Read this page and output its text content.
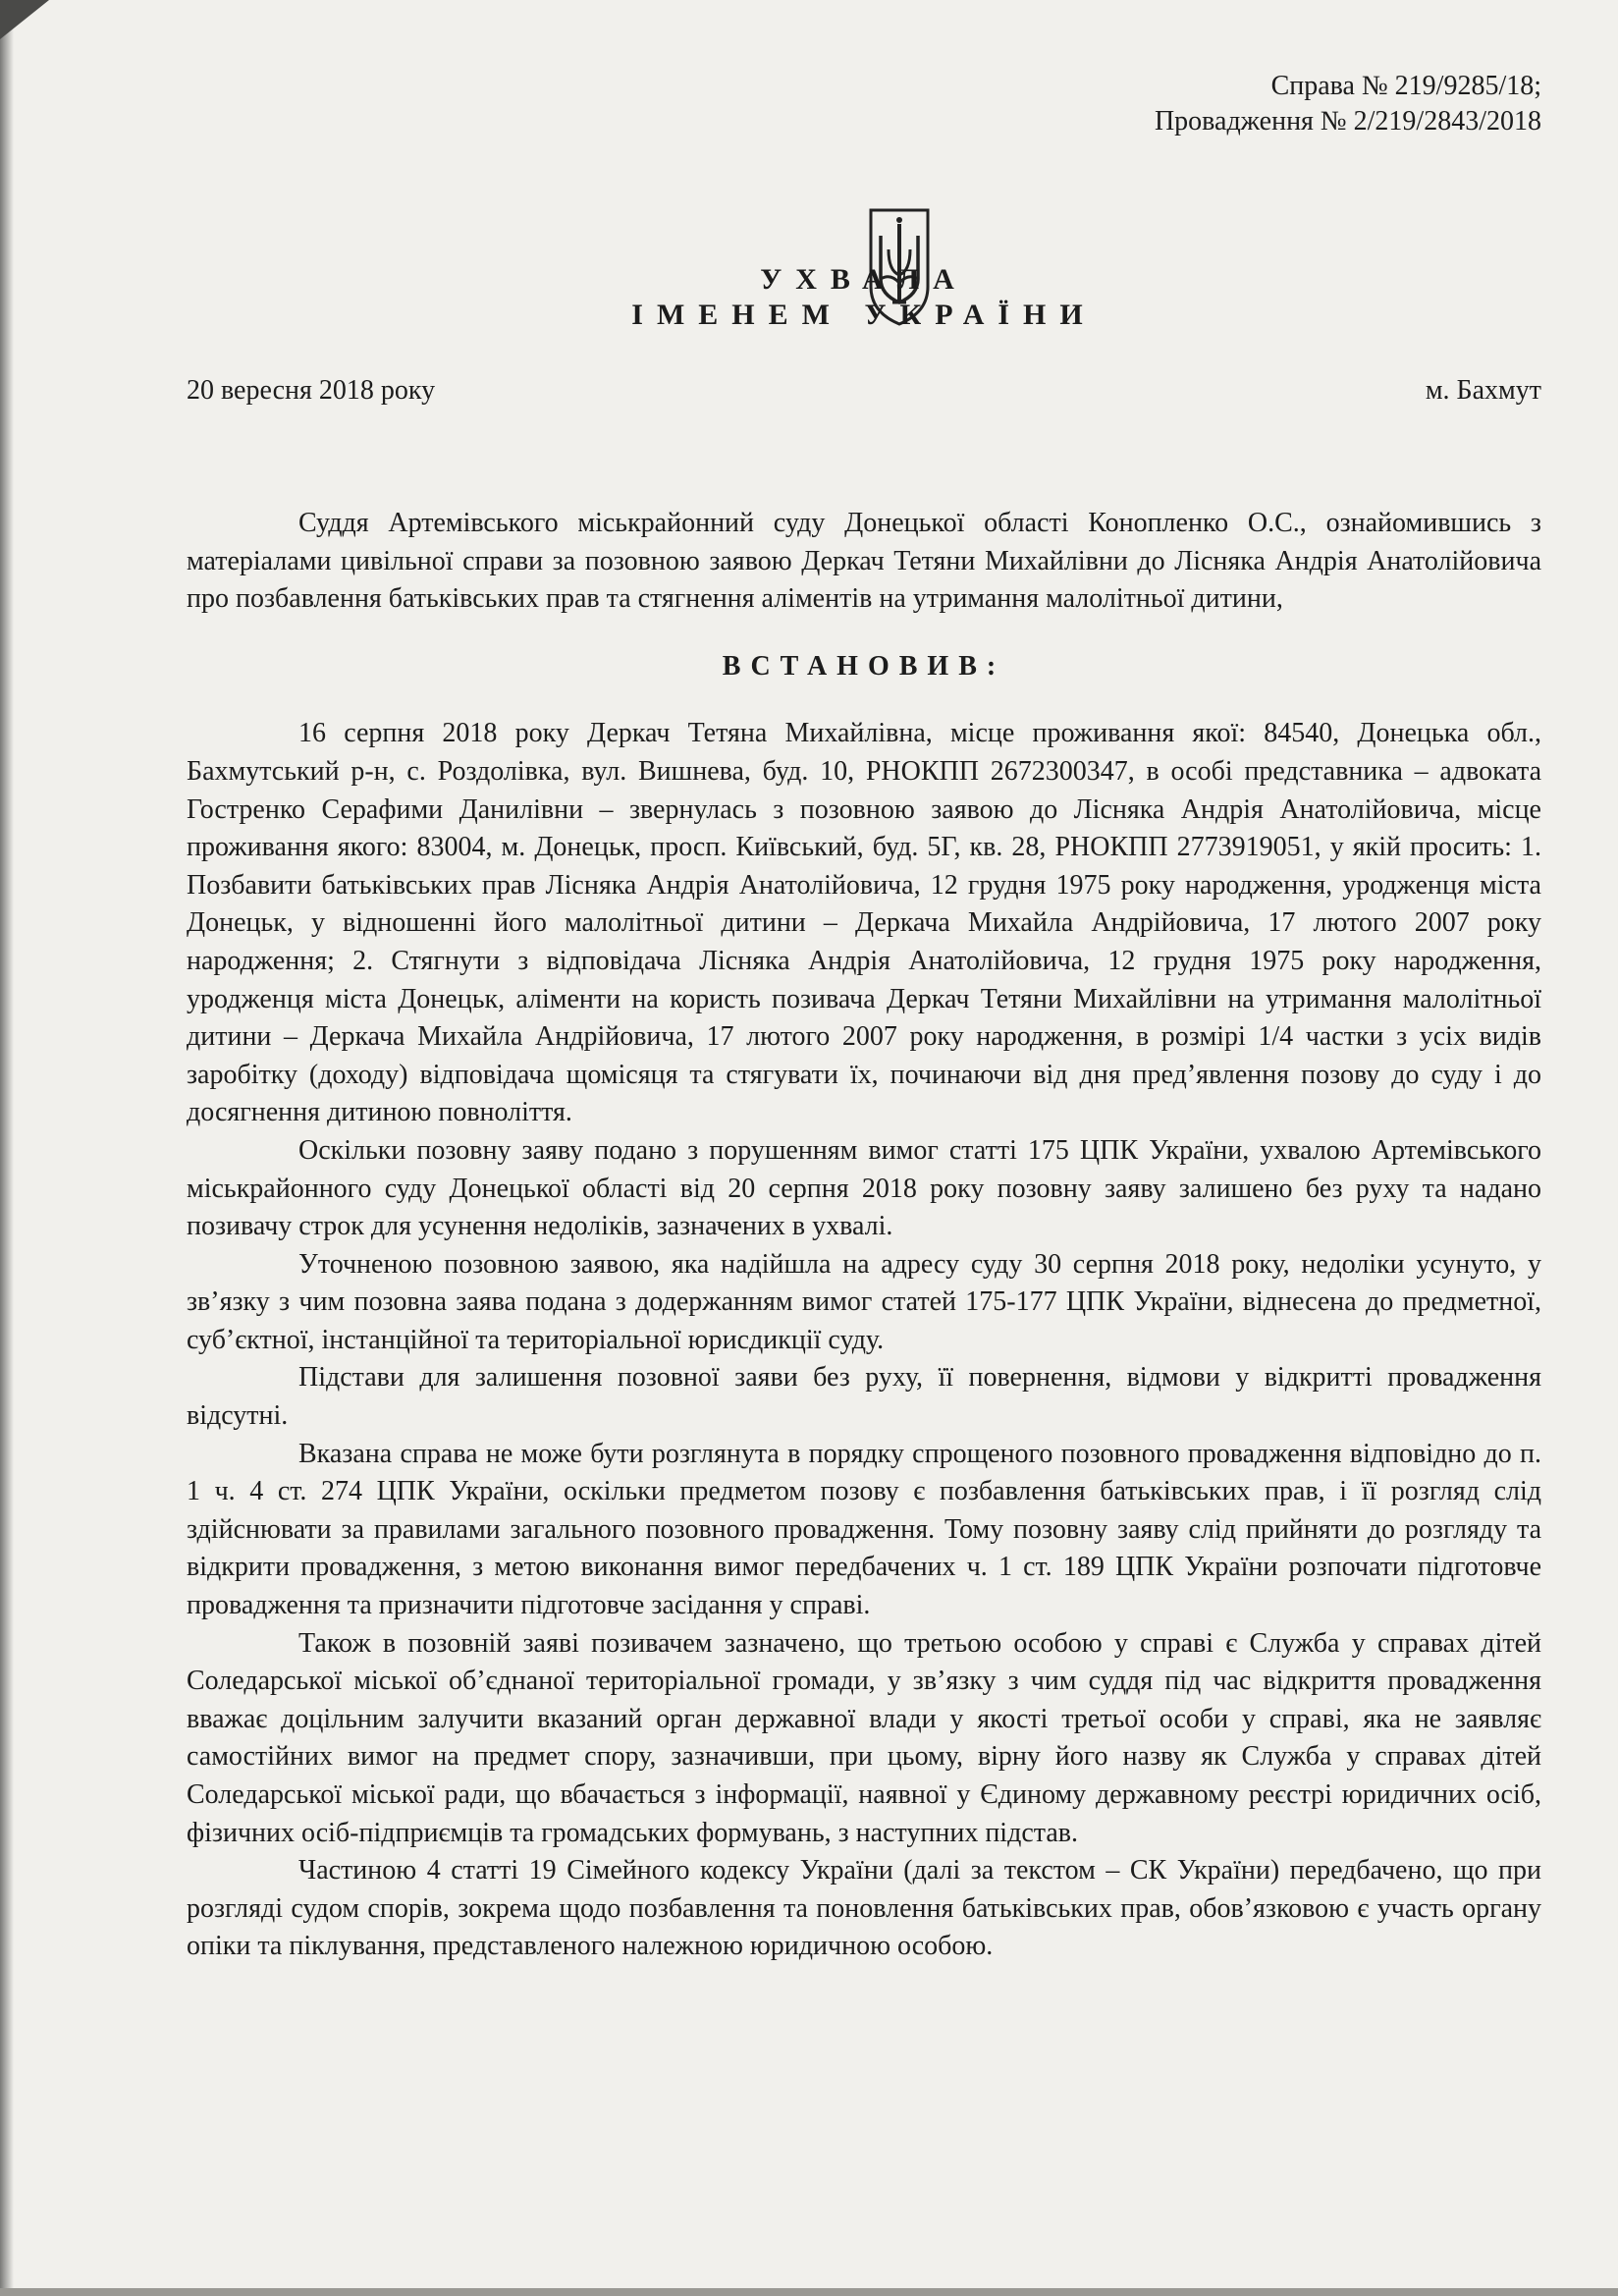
Справа № 219/9285/18;
Провадження № 2/219/2843/2018
УХВАЛА
ІМЕНЕМ УКРАЇНИ
20 вересня 2018 року	м. Бахмут

Суддя Артемівського міськрайонний суду Донецької області Конопленко О.С., ознайомившись з матеріалами цивільної справи за позовною заявою Деркач Тетяни Михайлівни до Лісняка Андрія Анатолійовича про позбавлення батьківських прав та стягнення аліментів на утримання малолітньої дитини,

ВСТАНОВИВ:

16 серпня 2018 року Деркач Тетяна Михайлівна, місце проживання якої: 84540, Донецька обл., Бахмутський р-н, с. Роздолівка, вул. Вишнева, буд. 10, РНОКПП 2672300347, в особі представника – адвоката Гостренко Серафими Данилівни – звернулась з позовною заявою до Лісняка Андрія Анатолійовича, місце проживання якого: 83004, м. Донецьк, просп. Київський, буд. 5Г, кв. 28, РНОКПП 2773919051, у якій просить: 1. Позбавити батьківських прав Лісняка Андрія Анатолійовича, 12 грудня 1975 року народження, уродженця міста Донецьк, у відношенні його малолітньої дитини – Деркача Михайла Андрійовича, 17 лютого 2007 року народження; 2. Стягнути з відповідача Лісняка Андрія Анатолійовича, 12 грудня 1975 року народження, уродженця міста Донецьк, аліменти на користь позивача Деркач Тетяни Михайлівни на утримання малолітньої дитини – Деркача Михайла Андрійовича, 17 лютого 2007 року народження, в розмірі 1/4 частки з усіх видів заробітку (доходу) відповідача щомісяця та стягувати їх, починаючи від дня пред’явлення позову до суду і до досягнення дитиною повноліття.

Оскільки позовну заяву подано з порушенням вимог статті 175 ЦПК України, ухвалою Артемівського міськрайонного суду Донецької області від 20 серпня 2018 року позовну заяву залишено без руху та надано позивачу строк для усунення недоліків, зазначених в ухвалі.

Уточненою позовною заявою, яка надійшла на адресу суду 30 серпня 2018 року, недоліки усунуто, у зв’язку з чим позовна заява подана з додержанням вимог статей 175-177 ЦПК України, віднесена до предметної, суб’єктної, інстанційної та територіальної юрисдикції суду.

Підстави для залишення позовної заяви без руху, її повернення, відмови у відкритті провадження відсутні.

Вказана справа не може бути розглянута в порядку спрощеного позовного провадження відповідно до п. 1 ч. 4 ст. 274 ЦПК України, оскільки предметом позову є позбавлення батьківських прав, і її розгляд слід здійснювати за правилами загального позовного провадження. Тому позовну заяву слід прийняти до розгляду та відкрити провадження, з метою виконання вимог передбачених ч. 1 ст. 189 ЦПК України розпочати підготовче провадження та призначити підготовче засідання у справі.

Також в позовній заяві позивачем зазначено, що третьою особою у справі є Служба у справах дітей Соледарської міської об’єднаної територіальної громади, у зв’язку з чим суддя під час відкриття провадження вважає доцільним залучити вказаний орган державної влади у якості третьої особи у справі, яка не заявляє самостійних вимог на предмет спору, зазначивши, при цьому, вірну його назву як Служба у справах дітей Соледарської міської ради, що вбачається з інформації, наявної у Єдиному державному реєстрі юридичних осіб, фізичних осіб-підприємців та громадських формувань, з наступних підстав.

Частиною 4 статті 19 Сімейного кодексу України (далі за текстом – СК України) передбачено, що при розгляді судом спорів, зокрема щодо позбавлення та поновлення батьківських прав, обов’язковою є участь органу опіки та піклування, представленого належною юридичною особою.
